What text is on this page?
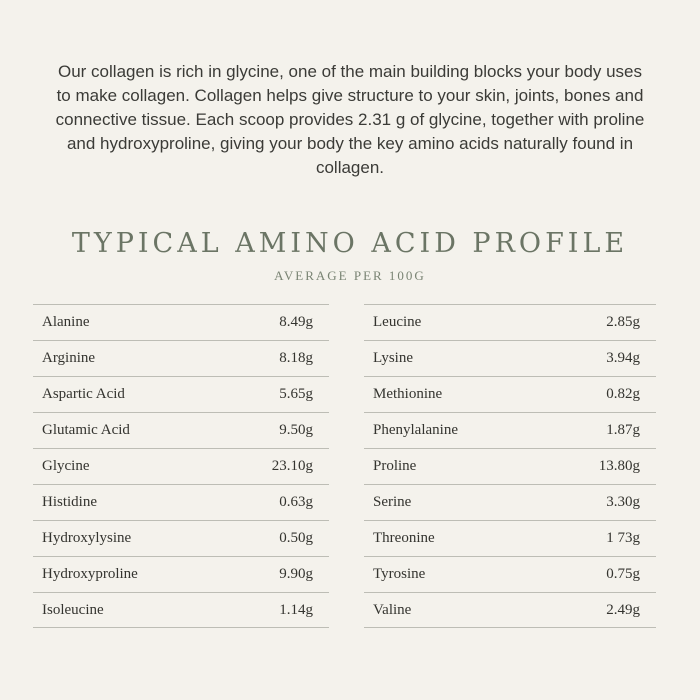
Our collagen is rich in glycine, one of the main building blocks your body uses to make collagen. Collagen helps give structure to your skin, joints, bones and connective tissue. Each scoop provides 2.31 g of glycine, together with proline and hydroxyproline, giving your body the key amino acids naturally found in collagen.

TYPICAL AMINO ACID PROFILE
AVERAGE PER 100G
Alanine	8.49g
Arginine	8.18g
Aspartic Acid	5.65g
Glutamic Acid	9.50g
Glycine	23.10g
Histidine	0.63g
Hydroxylysine	0.50g
Hydroxyproline	9.90g
Isoleucine	1.14g
Leucine	2.85g
Lysine	3.94g
Methionine	0.82g
Phenylalanine	1.87g
Proline	13.80g
Serine	3.30g
Threonine	1 73g
Tyrosine	0.75g
Valine	2.49g
